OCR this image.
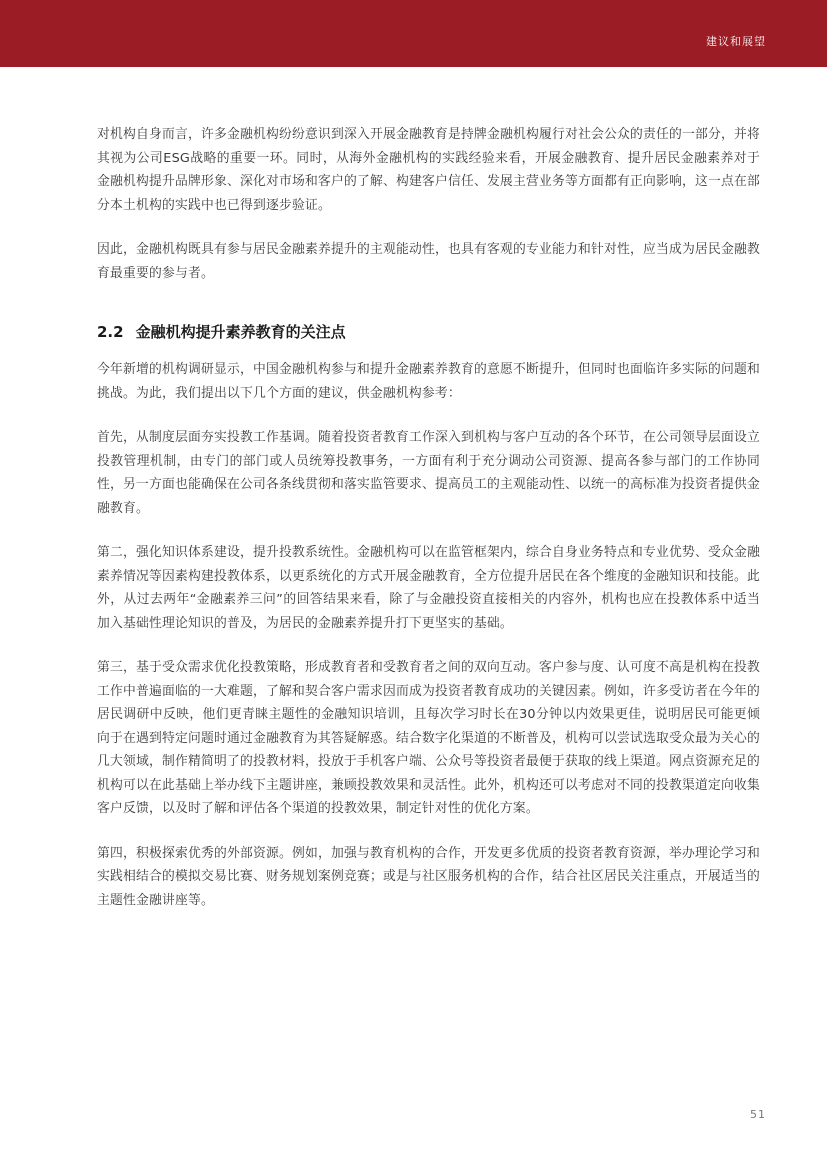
建议和展望

对机构自身而言，许多金融机构纷纷意识到深入开展金融教育是持牌金融机构履行对社会公众的责任的一部分，并将其视为公司ESG战略的重要一环。同时，从海外金融机构的实践经验来看，开展金融教育、提升居民金融素养对于金融机构提升品牌形象、深化对市场和客户的了解、构建客户信任、发展主营业务等方面都有正向影响，这一点在部分本土机构的实践中也已得到逐步验证。

因此，金融机构既具有参与居民金融素养提升的主观能动性，也具有客观的专业能力和针对性，应当成为居民金融教育最重要的参与者。

2.2 金融机构提升素养教育的关注点

今年新增的机构调研显示，中国金融机构参与和提升金融素养教育的意愿不断提升，但同时也面临许多实际的问题和挑战。为此，我们提出以下几个方面的建议，供金融机构参考：

首先，从制度层面夯实投教工作基调。随着投资者教育工作深入到机构与客户互动的各个环节，在公司领导层面设立投教管理机制，由专门的部门或人员统筹投教事务，一方面有利于充分调动公司资源、提高各参与部门的工作协同性，另一方面也能确保在公司各条线贯彻和落实监管要求、提高员工的主观能动性、以统一的高标准为投资者提供金融教育。

第二，强化知识体系建设，提升投教系统性。金融机构可以在监管框架内，综合自身业务特点和专业优势、受众金融素养情况等因素构建投教体系，以更系统化的方式开展金融教育，全方位提升居民在各个维度的金融知识和技能。此外，从过去两年“金融素养三问”的回答结果来看，除了与金融投资直接相关的内容外，机构也应在投教体系中适当加入基础性理论知识的普及，为居民的金融素养提升打下更坚实的基础。

第三，基于受众需求优化投教策略，形成教育者和受教育者之间的双向互动。客户参与度、认可度不高是机构在投教工作中普遍面临的一大难题，了解和契合客户需求因而成为投资者教育成功的关键因素。例如，许多受访者在今年的居民调研中反映，他们更青睐主题性的金融知识培训，且每次学习时长在30分钟以内效果更佳，说明居民可能更倾向于在遇到特定问题时通过金融教育为其答疑解惑。结合数字化渠道的不断普及，机构可以尝试选取受众最为关心的几大领域，制作精简明了的投教材料，投放于手机客户端、公众号等投资者最便于获取的线上渠道。网点资源充足的机构可以在此基础上举办线下主题讲座，兼顾投教效果和灵活性。此外，机构还可以考虑对不同的投教渠道定向收集客户反馈，以及时了解和评估各个渠道的投教效果，制定针对性的优化方案。

第四，积极探索优秀的外部资源。例如，加强与教育机构的合作，开发更多优质的投资者教育资源，举办理论学习和实践相结合的模拟交易比赛、财务规划案例竞赛；或是与社区服务机构的合作，结合社区居民关注重点，开展适当的主题性金融讲座等。

51
